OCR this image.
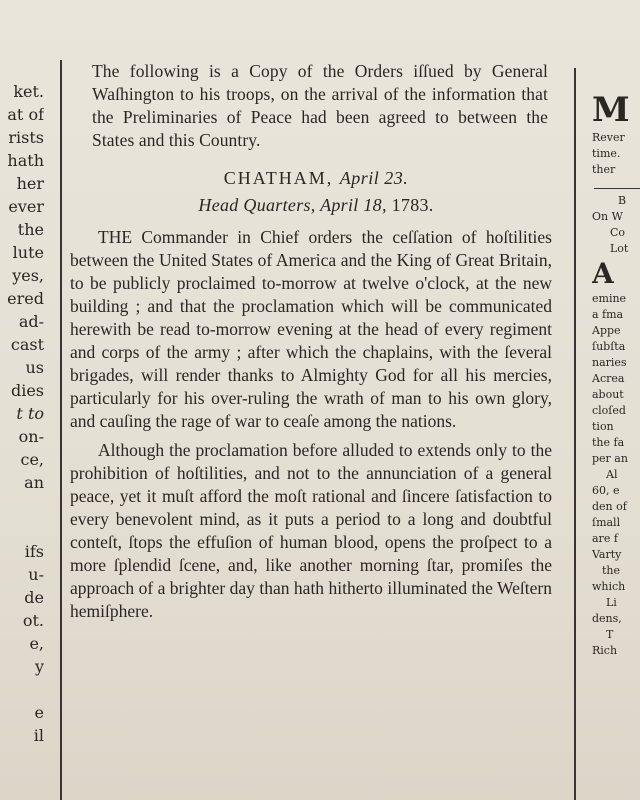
ket.
at of
rists
hath
her
ever
the
lute
yes,
ered
ad-
cast
us
dies
t to
on-
ce,
an

ifs
u-
de
ot.
e,
y

e
il

The following is a Copy of the Orders iſſued by General Waſhington to his troops, on the arrival of the information that the Preliminaries of Peace had been agreed to between the States and this Country.

CHATHAM, April 23.
Head Quarters, April 18, 1783.

THE Commander in Chief orders the ceſſation of hoſtilities between the United States of America and the King of Great Britain, to be publicly proclaimed to-morrow at twelve o'clock, at the new building ; and that the proclamation which will be communicated herewith be read to-morrow evening at the head of every regiment and corps of the army ; after which the chaplains, with the ſeveral brigades, will render thanks to Almighty God for all his mercies, particularly for his over-ruling the wrath of man to his own glory, and cauſing the rage of war to ceaſe among the nations.

Although the proclamation before alluded to extends only to the prohibition of hoſtilities, and not to the annunciation of a general peace, yet it muſt afford the moſt rational and ſincere ſatisfaction to every benevolent mind, as it puts a period to a long and doubtful conteſt, ſtops the effuſion of human blood, opens the proſpect to a more ſplendid ſcene, and, like another morning ſtar, promiſes the approach of a brighter day than hath hitherto illuminated the Weſtern hemiſphere.

M
Rever
time.
ther
B
On W
Co
Lot
A
emine
a fma
Appe
ſubſta
naries
Acrea
about
cloſed
tion
the fa
per an
Al
60, e
den of
ſmall
are f
Varty
the
which
Li
dens,
T
Rich
